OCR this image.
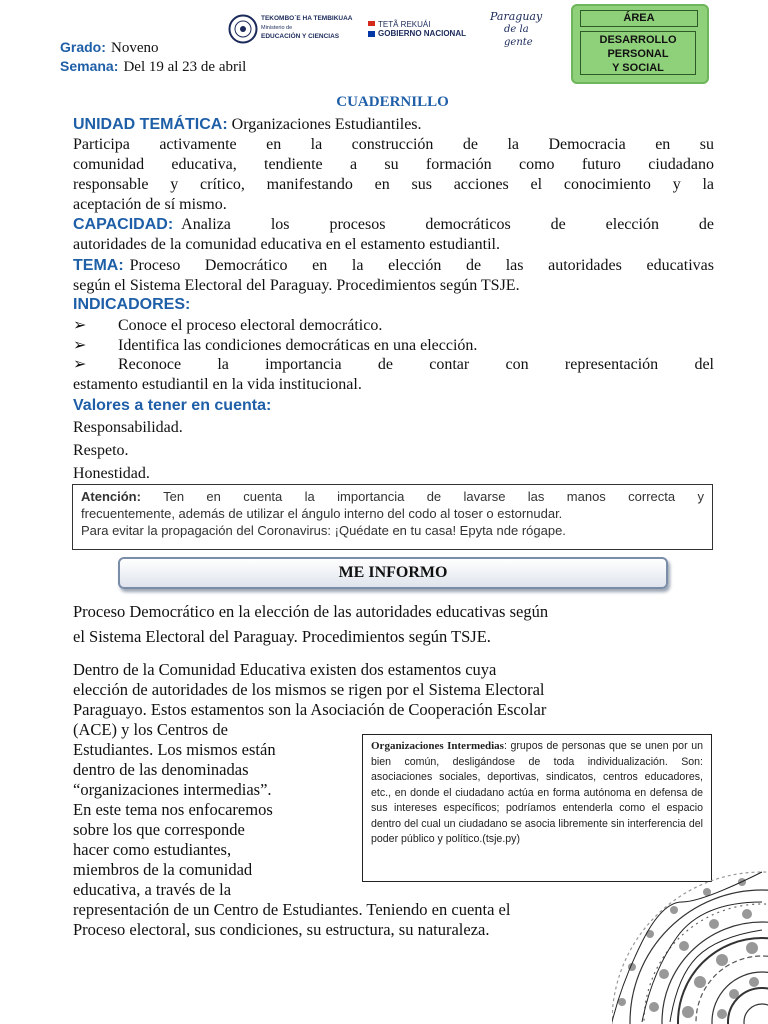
Grado: Noveno
Semana: Del 19 al 23 de abril
TEKOMBO´E HA TEMBIKUAA
Ministerio de
EDUCACIÓN Y CIENCIAS
TETÃ REKUÁI
GOBIERNO NACIONAL
Paraguay
de la gente
ÁREA
DESARROLLO
PERSONAL
Y SOCIAL
CUADERNILLO
UNIDAD TEMÁTICA: Organizaciones Estudiantiles.
Participa activamente en la construcción de la Democracia en su
comunidad educativa, tendiente a su formación como futuro ciudadano
responsable y crítico, manifestando en sus acciones el conocimiento y la
aceptación de sí mismo.
CAPACIDAD: Analiza los procesos democráticos de elección de
autoridades de la comunidad educativa en el estamento estudiantil.
TEMA: Proceso Democrático en la elección de las autoridades educativas
según el Sistema Electoral del Paraguay. Procedimientos según TSJE.
INDICADORES:
➢ Conoce el proceso electoral democrático.
➢ Identifica las condiciones democráticas en una elección.
➢	Reconoce la importancia de contar con representación del
estamento estudiantil en la vida institucional.
Valores a tener en cuenta:
Responsabilidad.
Respeto.
Honestidad.
Atención: Ten en cuenta la importancia de lavarse las manos correcta y
frecuentemente, además de utilizar el ángulo interno del codo al toser o estornudar.
Para evitar la propagación del Coronavirus: ¡Quédate en tu casa! Epyta nde rógape.
ME INFORMO
Proceso Democrático en la elección de las autoridades educativas según
el Sistema Electoral del Paraguay. Procedimientos según TSJE.
Dentro de la Comunidad Educativa existen dos estamentos cuya
elección de autoridades de los mismos se rigen por el Sistema Electoral
Paraguayo. Estos estamentos son la Asociación de Cooperación Escolar
(ACE) y los Centros de
Estudiantes. Los mismos están
dentro de las denominadas
“organizaciones intermedias”.
En este tema nos enfocaremos
sobre los que corresponde
hacer como estudiantes,
miembros de la comunidad
educativa, a través de la
representación de un Centro de Estudiantes. Teniendo en cuenta el
Proceso electoral, sus condiciones, su estructura, su naturaleza.
Organizaciones Intermedias: grupos de personas que se unen por un bien común, desligándose de toda individualización. Son: asociaciones sociales, deportivas, sindicatos, centros educadores, etc., en donde el ciudadano actúa en forma autónoma en defensa de sus intereses específicos; podríamos entenderla como el espacio dentro del cual un ciudadano se asocia libremente sin interferencia del poder público y político.(tsje.py)
